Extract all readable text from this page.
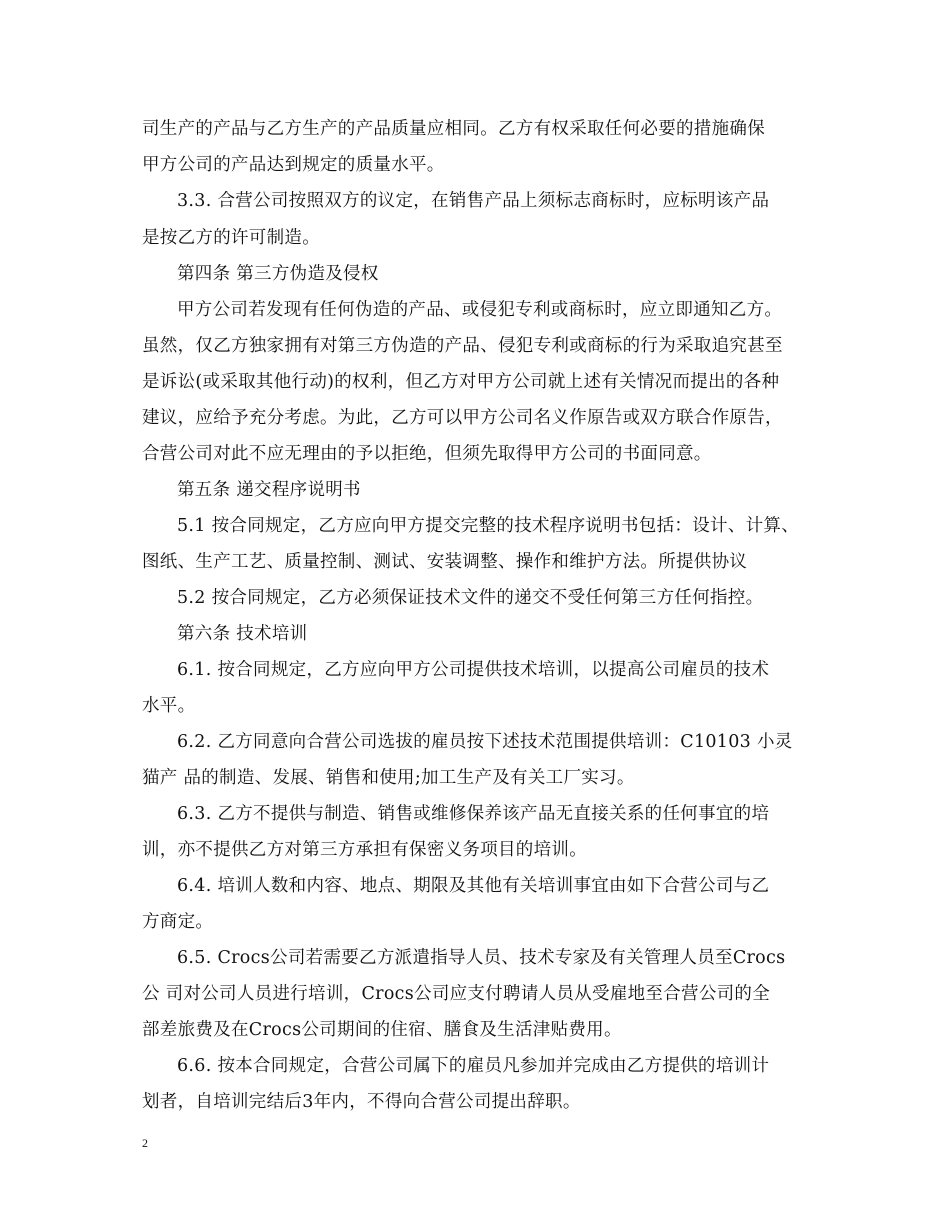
司生产的产品与乙方生产的产品质量应相同。乙方有权采取任何必要的措施确保
甲方公司的产品达到规定的质量水平。
3.3. 合营公司按照双方的议定，在销售产品上须标志商标时，应标明该产品
是按乙方的许可制造。
第四条 第三方伪造及侵权
甲方公司若发现有任何伪造的产品、或侵犯专利或商标时，应立即通知乙方。
虽然，仅乙方独家拥有对第三方伪造的产品、侵犯专利或商标的行为采取追究甚至
是诉讼(或采取其他行动)的权利，但乙方对甲方公司就上述有关情况而提出的各种
建议，应给予充分考虑。为此，乙方可以甲方公司名义作原告或双方联合作原告，
合营公司对此不应无理由的予以拒绝，但须先取得甲方公司的书面同意。
第五条 递交程序说明书
5.1 按合同规定，乙方应向甲方提交完整的技术程序说明书包括：设计、计算、
图纸、生产工艺、质量控制、测试、安装调整、操作和维护方法。所提供协议
5.2 按合同规定，乙方必须保证技术文件的递交不受任何第三方任何指控。
第六条 技术培训
6.1. 按合同规定，乙方应向甲方公司提供技术培训，以提高公司雇员的技术
水平。
6.2. 乙方同意向合营公司选拔的雇员按下述技术范围提供培训：C10103 小灵
猫产 品的制造、发展、销售和使用;加工生产及有关工厂实习。
6.3. 乙方不提供与制造、销售或维修保养该产品无直接关系的任何事宜的培
训，亦不提供乙方对第三方承担有保密义务项目的培训。
6.4. 培训人数和内容、地点、期限及其他有关培训事宜由如下合营公司与乙
方商定。
6.5. Crocs公司若需要乙方派遣指导人员、技术专家及有关管理人员至Crocs
公 司对公司人员进行培训，Crocs公司应支付聘请人员从受雇地至合营公司的全
部差旅费及在Crocs公司期间的住宿、膳食及生活津贴费用。
6.6. 按本合同规定，合营公司属下的雇员凡参加并完成由乙方提供的培训计
划者，自培训完结后3年内，不得向合营公司提出辞职。
2
